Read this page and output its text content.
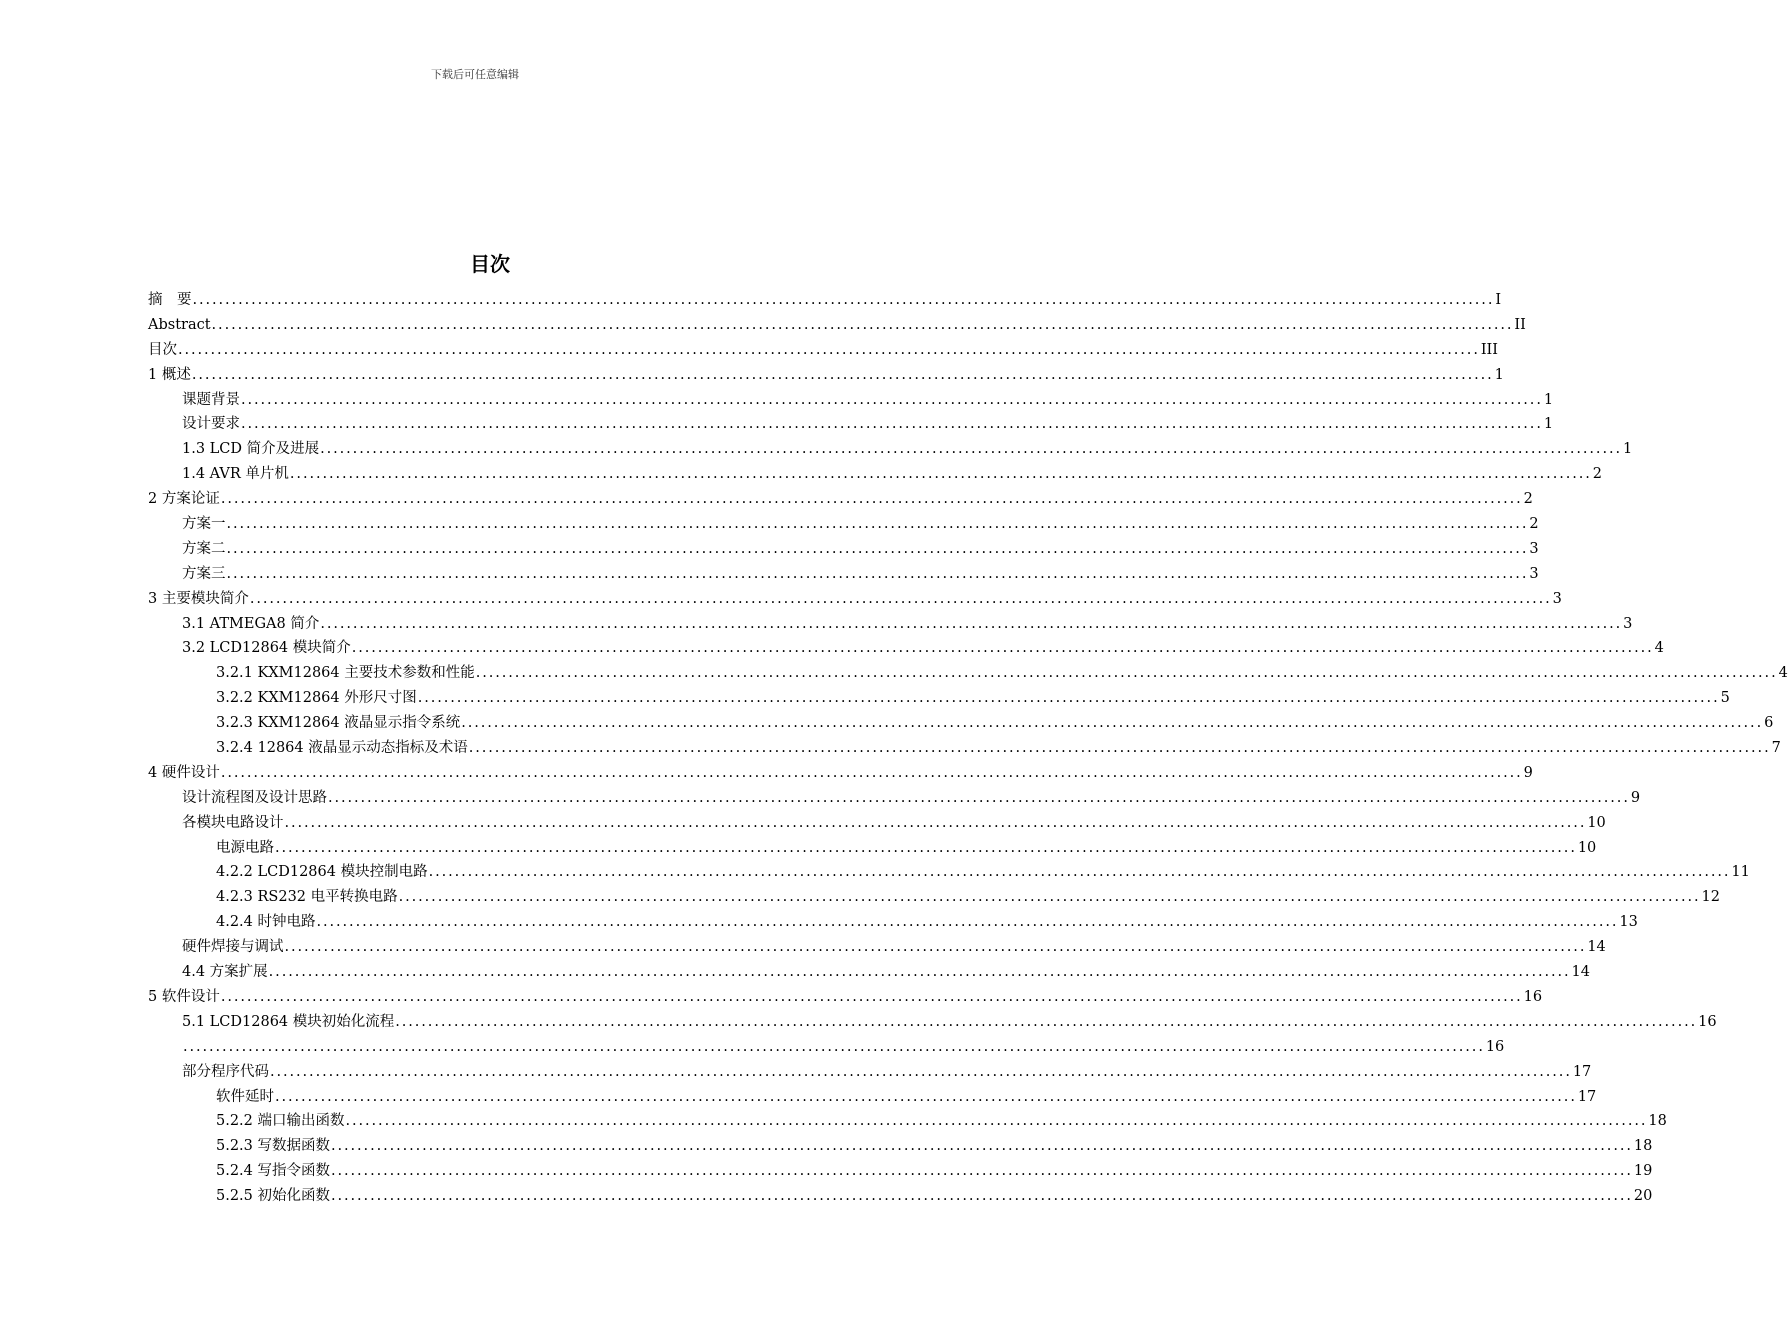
下载后可任意编辑
目次
摘　要 ........................................................................................................................................................................................................ I
Abstract ........................................................................................................................................................................................................ II
目次 ........................................................................................................................................................................................................ III
1 概述 ........................................................................................................................................................................................................ 1
课题背景 ........................................................................................................................................................................................................ 1
设计要求 ........................................................................................................................................................................................................ 1
1.3 LCD 简介及进展 ........................................................................................................................................................................................................ 1
1.4 AVR 单片机 ........................................................................................................................................................................................................ 2
2 方案论证 ........................................................................................................................................................................................................ 2
方案一 ........................................................................................................................................................................................................ 2
方案二 ........................................................................................................................................................................................................ 3
方案三 ........................................................................................................................................................................................................ 3
3 主要模块简介 ........................................................................................................................................................................................................ 3
3.1 ATMEGA8 简介 ........................................................................................................................................................................................................ 3
3.2 LCD12864 模块简介 ........................................................................................................................................................................................................ 4
3.2.1 KXM12864 主要技术参数和性能 ........................................................................................................................................................................................................ 4
3.2.2 KXM12864 外形尺寸图 ........................................................................................................................................................................................................ 5
3.2.3 KXM12864 液晶显示指令系统 ........................................................................................................................................................................................................ 6
3.2.4 12864 液晶显示动态指标及术语 ........................................................................................................................................................................................................ 7
4 硬件设计 ........................................................................................................................................................................................................ 9
设计流程图及设计思路 ........................................................................................................................................................................................................ 9
各模块电路设计 ........................................................................................................................................................................................................ 10
电源电路 ........................................................................................................................................................................................................ 10
4.2.2 LCD12864 模块控制电路 ........................................................................................................................................................................................................ 11
4.2.3 RS232 电平转换电路 ........................................................................................................................................................................................................ 12
4.2.4 时钟电路 ........................................................................................................................................................................................................ 13
硬件焊接与调试 ........................................................................................................................................................................................................ 14
4.4 方案扩展 ........................................................................................................................................................................................................ 14
5 软件设计 ........................................................................................................................................................................................................ 16
5.1 LCD12864 模块初始化流程 ........................................................................................................................................................................................................ 16
........................................................................................................................................................................................................ 16
部分程序代码 ........................................................................................................................................................................................................ 17
软件延时 ........................................................................................................................................................................................................ 17
5.2.2 端口输出函数 ........................................................................................................................................................................................................ 18
5.2.3 写数据函数 ........................................................................................................................................................................................................ 18
5.2.4 写指令函数 ........................................................................................................................................................................................................ 19
5.2.5 初始化函数 ........................................................................................................................................................................................................ 20
